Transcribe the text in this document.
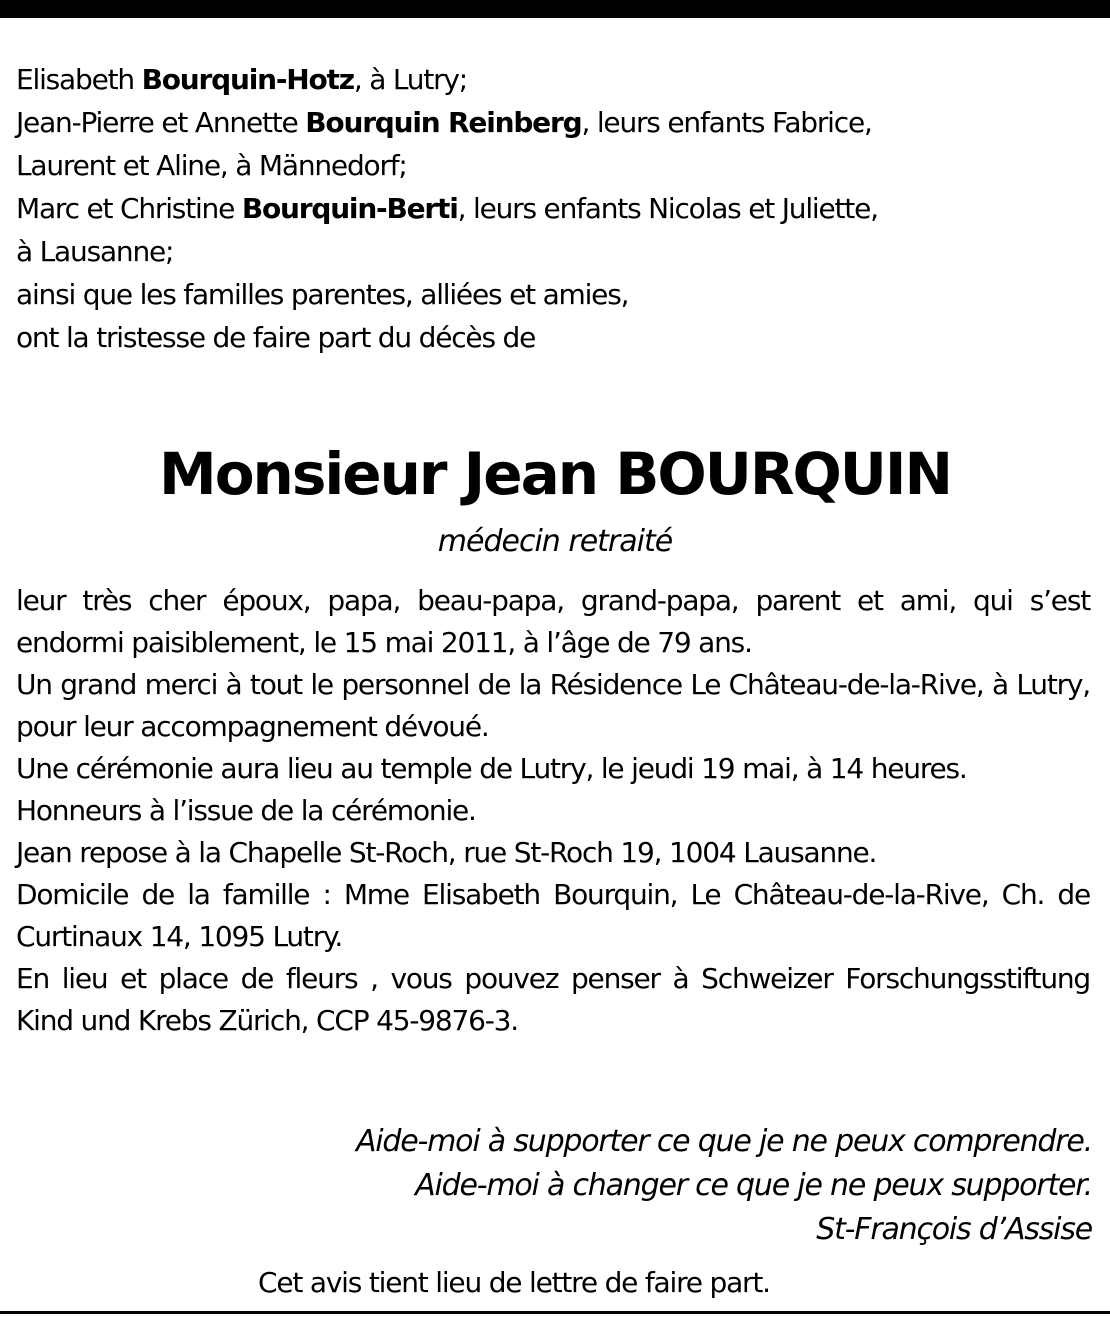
Elisabeth Bourquin-Hotz, à Lutry;
Jean-Pierre et Annette Bourquin Reinberg, leurs enfants Fabrice,
Laurent et Aline, à Männedorf;
Marc et Christine Bourquin-Berti, leurs enfants Nicolas et Juliette,
à Lausanne;
ainsi que les familles parentes, alliées et amies,
ont la tristesse de faire part du décès de
Monsieur Jean BOURQUIN
médecin retraité

leur très cher époux, papa, beau-papa, grand-papa, parent et ami, qui s’est endormi paisiblement, le 15 mai 2011, à l’âge de 79 ans.

Un grand merci à tout le personnel de la Résidence Le Château-de-la-Rive, à Lutry, pour leur accompagnement dévoué.

Une cérémonie aura lieu au temple de Lutry, le jeudi 19 mai, à 14 heures.

Honneurs à l’issue de la cérémonie.

Jean repose à la Chapelle St-Roch, rue St-Roch 19, 1004 Lausanne.

Domicile de la famille : Mme Elisabeth Bourquin, Le Château-de-la-Rive, Ch. de Curtinaux 14, 1095 Lutry.

En lieu et place de fleurs , vous pouvez penser à Schweizer Forschungsstiftung Kind und Krebs Zürich, CCP 45-9876-3.

Aide-moi à supporter ce que je ne peux comprendre.
Aide-moi à changer ce que je ne peux supporter.
St-François d’Assise
Cet avis tient lieu de lettre de faire part.
